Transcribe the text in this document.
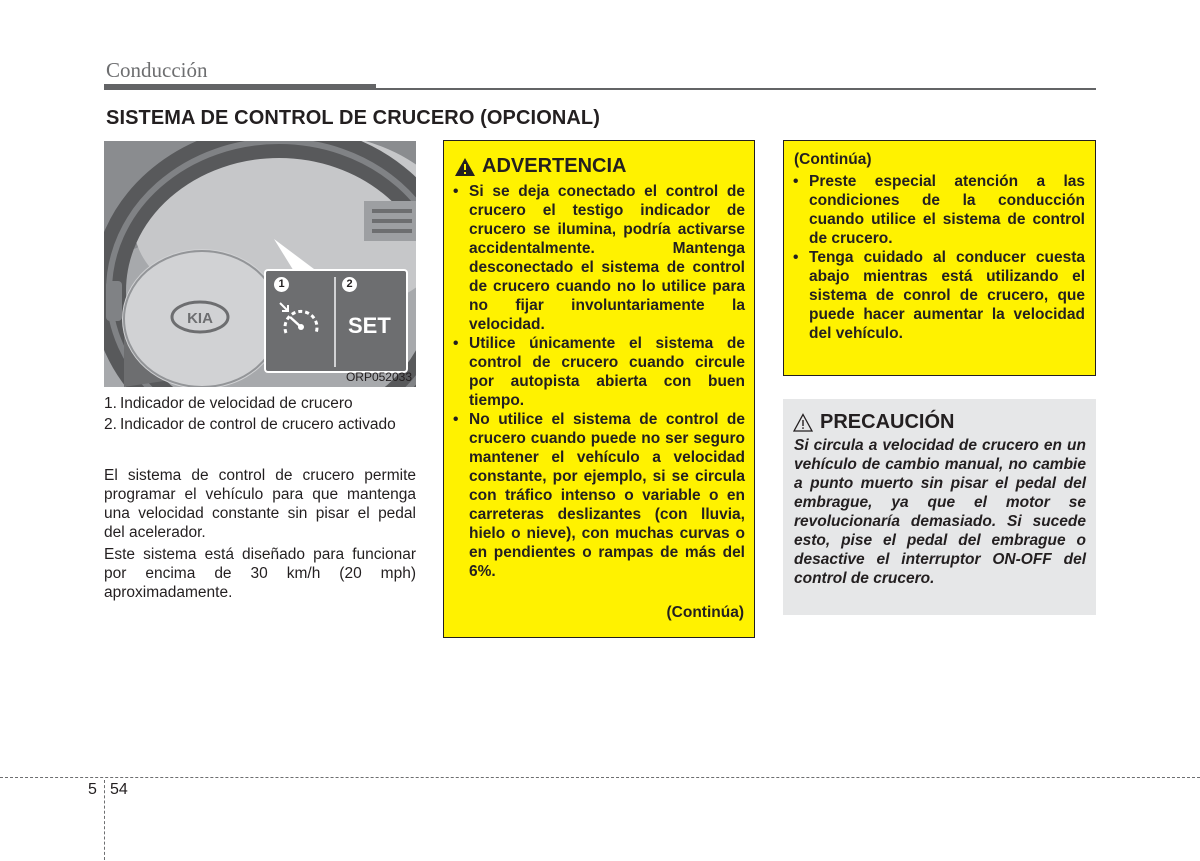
Conducción
SISTEMA DE CONTROL DE CRUCERO (OPCIONAL)
KIA
1	2
SET
ORP052033
1. Indicador de velocidad de crucero
2. Indicador de control de crucero activado

El sistema de control de crucero permite programar el vehículo para que mantenga una velocidad constante sin pisar el pedal del acelerador.

Este sistema está diseñado para funcionar por encima de 30 km/h (20 mph) aproximadamente.

ADVERTENCIA
• Si se deja conectado el control de crucero el testigo indicador de crucero se ilumina, podría activarse accidentalmente. Mantenga desconectado el sistema de control de crucero cuando no lo utilice para no fijar involuntariamente la velocidad.
• Utilice únicamente el sistema de control de crucero cuando circule por autopista abierta con buen tiempo.
• No utilice el sistema de control de crucero cuando puede no ser seguro mantener el vehículo a velocidad constante, por ejemplo, si se circula con tráfico intenso o variable o en carreteras deslizantes (con lluvia, hielo o nieve), con muchas curvas o en pendientes o rampas de más del 6%.
(Continúa)
(Continúa)
• Preste especial atención a las condiciones de la conducción cuando utilice el sistema de control de crucero.
• Tenga cuidado al conducer cuesta abajo mientras está utilizando el sistema de conrol de crucero, que puede hacer aumentar la velocidad del vehículo.
PRECAUCIÓN

Si circula a velocidad de crucero en un vehículo de cambio manual, no cambie a punto muerto sin pisar el pedal del embrague, ya que el motor se revolucionaría demasiado. Si sucede esto, pise el pedal del embrague o desactive el interruptor ON-OFF del control de crucero.

5 54
